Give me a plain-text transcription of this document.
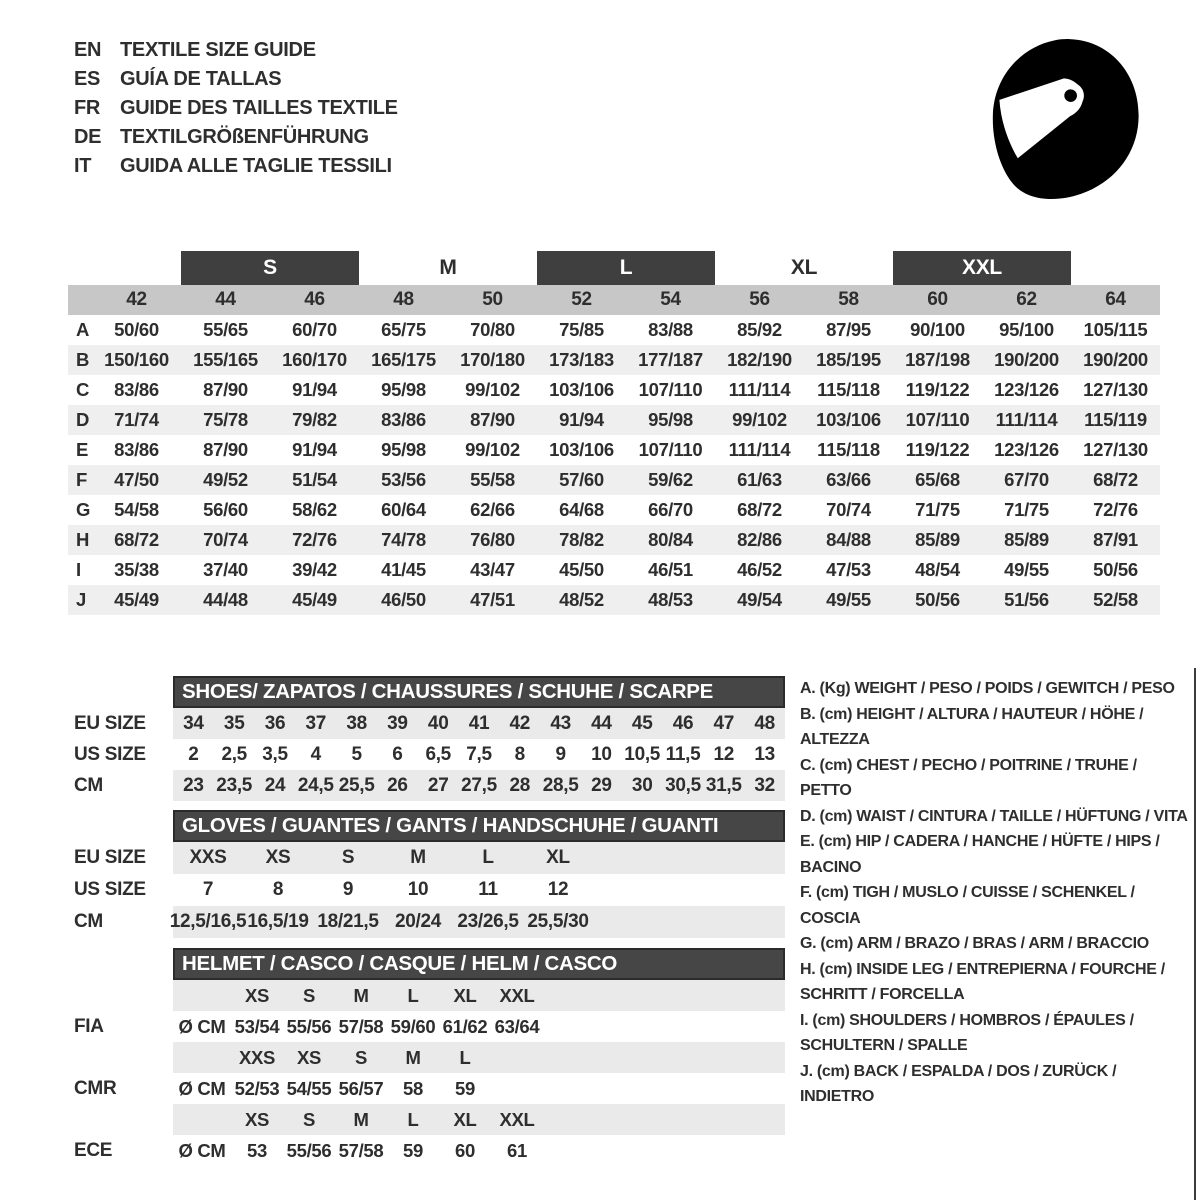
EN TEXTILE SIZE GUIDE
ES GUÍA DE TALLAS
FR GUIDE DES TAILLES TEXTILE
DE TEXTILGRÖßENFÜHRUNG
IT	GUIDA ALLE TAGLIE TESSILI
S	M	L	XL	XXL
42	44	46	48	50	52	54	56	58	60	62	64
A	50/60	55/65	60/70	65/75	70/80	75/85	83/88	85/92	87/95	90/100	95/100	105/115
B 150/160	155/165	160/170	165/175	170/180	173/183	177/187	182/190	185/195	187/198	190/200	190/200
C	83/86	87/90	91/94	95/98	99/102	103/106	107/110	111/114	115/118	119/122	123/126	127/130
D	71/74	75/78	79/82	83/86	87/90	91/94	95/98	99/102	103/106	107/110	111/114	115/119
E	83/86	87/90	91/94	95/98	99/102	103/106	107/110	111/114	115/118	119/122	123/126	127/130
F	47/50	49/52	51/54	53/56	55/58	57/60	59/62	61/63	63/66	65/68	67/70	68/72
G	54/58	56/60	58/62	60/64	62/66	64/68	66/70	68/72	70/74	71/75	71/75	72/76
H	68/72	70/74	72/76	74/78	76/80	78/82	80/84	82/86	84/88	85/89	85/89	87/91
I	35/38	37/40	39/42	41/45	43/47	45/50	46/51	46/52	47/53	48/54	49/55	50/56
J	45/49	44/48	45/49	46/50	47/51	48/52	48/53	49/54	49/55	50/56	51/56	52/58
SHOES/ ZAPATOS / CHAUSSURES / SCHUHE / SCARPE
EU SIZE	34	35	36	37	38	39	40	41	42	43	44	45	46	47	48
US SIZE	2	2,5 3,5	4	5	6	6,5 7,5	8	9	10 10,5 11,5 12	13
CM	23 23,5 24 24,5 25,5 26	27 27,5 28 28,5 29	30 30,5 31,5 32
GLOVES / GUANTES / GANTS / HANDSCHUHE / GUANTI
EU SIZE	XXS	XS	S	M	L	XL
US SIZE	7	8	9	10	11	12
CM	12,5/16,5 16,5/19 18/21,5 20/24 23/26,5 25,5/30
HELMET / CASCO / CASQUE / HELM / CASCO
XS	S	M	L	XL	XXL
FIA	Ø CM 53/54 55/56 57/58 59/60 61/62 63/64
XXS	XS	S	M	L
CMR	Ø CM 52/53 54/55 56/57	58	59
XS	S	M	L	XL	XXL
ECE	Ø CM	53	55/56 57/58	59	60	61
A. (Kg) WEIGHT / PESO / POIDS / GEWITCH / PESO
B. (cm) HEIGHT / ALTURA / HAUTEUR / HÖHE / ALTEZZA
C. (cm) CHEST / PECHO / POITRINE / TRUHE / PETTO
D. (cm) WAIST / CINTURA / TAILLE / HÜFTUNG / VITA
E. (cm) HIP / CADERA / HANCHE / HÜFTE / HIPS / BACINO
F. (cm) TIGH / MUSLO / CUISSE / SCHENKEL / COSCIA
G. (cm) ARM / BRAZO / BRAS / ARM / BRACCIO
H. (cm) INSIDE LEG / ENTREPIERNA / FOURCHE / SCHRITT / FORCELLA
I. (cm) SHOULDERS / HOMBROS / ÉPAULES / SCHULTERN / SPALLE
J. (cm) BACK / ESPALDA / DOS / ZURÜCK / INDIETRO
